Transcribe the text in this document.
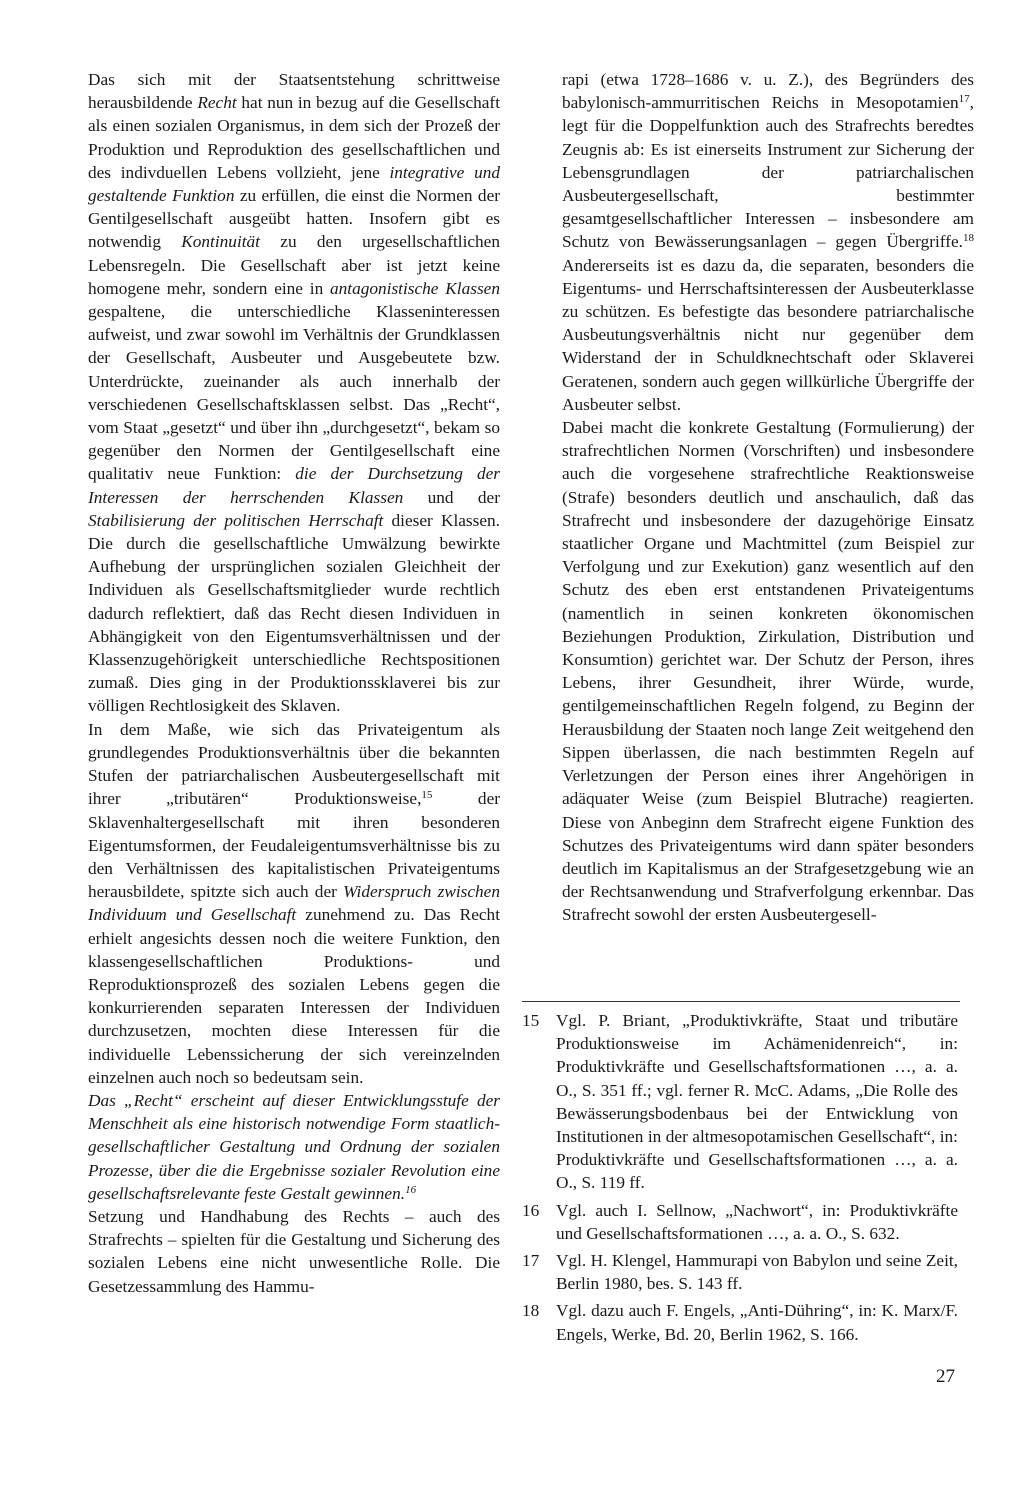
Das sich mit der Staatsentstehung schrittweise herausbildende Recht hat nun in bezug auf die Gesellschaft als einen sozialen Organismus, in dem sich der Prozeß der Produktion und Reproduktion des gesellschaftlichen und des indivduellen Lebens vollzieht, jene integrative und gestaltende Funktion zu erfüllen, die einst die Normen der Gentilgesellschaft ausgeübt hatten. Insofern gibt es notwendig Kontinuität zu den urgesellschaftlichen Lebensregeln. Die Gesellschaft aber ist jetzt keine homogene mehr, sondern eine in antagonistische Klassen gespaltene, die unterschiedliche Klasseninteressen aufweist, und zwar sowohl im Verhältnis der Grundklassen der Gesellschaft, Ausbeuter und Ausgebeutete bzw. Unterdrückte, zueinander als auch innerhalb der verschiedenen Gesellschaftsklassen selbst. Das „Recht“, vom Staat „gesetzt“ und über ihn „durchgesetzt“, bekam so gegenüber den Normen der Gentilgesellschaft eine qualitativ neue Funktion: die der Durchsetzung der Interessen der herrschenden Klassen und der Stabilisierung der politischen Herrschaft dieser Klassen. Die durch die gesellschaftliche Umwälzung bewirkte Aufhebung der ursprünglichen sozialen Gleichheit der Individuen als Gesellschaftsmitglieder wurde rechtlich dadurch reflektiert, daß das Recht diesen Individuen in Abhängigkeit von den Eigentumsverhältnissen und der Klassenzugehörigkeit unterschiedliche Rechtspositionen zumaß. Dies ging in der Produktionssklaverei bis zur völligen Rechtlosigkeit des Sklaven.

In dem Maße, wie sich das Privateigentum als grundlegendes Produktionsverhältnis über die bekannten Stufen der patriarchalischen Ausbeutergesellschaft mit ihrer „tributären“ Produktionsweise,$^{15}$ der Sklavenhaltergesellschaft mit ihren besonderen Eigentumsformen, der Feudaleigentumsverhältnisse bis zu den Verhältnissen des kapitalistischen Privateigentums herausbildete, spitzte sich auch der Widerspruch zwischen Individuum und Gesellschaft zunehmend zu. Das Recht erhielt angesichts dessen noch die weitere Funktion, den klassengesellschaftlichen Produktions- und Reproduktionsprozeß des sozialen Lebens gegen die konkurrierenden separaten Interessen der Individuen durchzusetzen, mochten diese Interessen für die individuelle Lebenssicherung der sich vereinzelnden einzelnen auch noch so bedeutsam sein.

Das „Recht“ erscheint auf dieser Entwicklungsstufe der Menschheit als eine historisch notwendige Form staatlich-gesellschaftlicher Gestaltung und Ordnung der sozialen Prozesse, über die die Ergebnisse sozialer Revolution eine gesellschaftsrelevante feste Gestalt gewinnen.$^{16}$

Setzung und Handhabung des Rechts – auch des Strafrechts – spielten für die Gestaltung und Sicherung des sozialen Lebens eine nicht unwesentliche Rolle. Die Gesetzessammlung des Hammu-

rapi (etwa 1728–1686 v. u. Z.), des Begründers des babylonisch-ammurritischen Reichs in Mesopotamien$^{17}$, legt für die Doppelfunktion auch des Strafrechts beredtes Zeugnis ab: Es ist einerseits Instrument zur Sicherung der Lebensgrundlagen der patriarchalischen Ausbeutergesellschaft, bestimmter gesamtgesellschaftlicher Interessen – insbesondere am Schutz von Bewässerungsanlagen – gegen Übergriffe.$^{18}$ Andererseits ist es dazu da, die separaten, besonders die Eigentums- und Herrschaftsinteressen der Ausbeuterklasse zu schützen. Es befestigte das besondere patriarchalische Ausbeutungsverhältnis nicht nur gegenüber dem Widerstand der in Schuldknechtschaft oder Sklaverei Geratenen, sondern auch gegen willkürliche Übergriffe der Ausbeuter selbst.

Dabei macht die konkrete Gestaltung (Formulierung) der strafrechtlichen Normen (Vorschriften) und insbesondere auch die vorgesehene strafrechtliche Reaktionsweise (Strafe) besonders deutlich und anschaulich, daß das Strafrecht und insbesondere der dazugehörige Einsatz staatlicher Organe und Machtmittel (zum Beispiel zur Verfolgung und zur Exekution) ganz wesentlich auf den Schutz des eben erst entstandenen Privateigentums (namentlich in seinen konkreten ökonomischen Beziehungen Produktion, Zirkulation, Distribution und Konsumtion) gerichtet war. Der Schutz der Person, ihres Lebens, ihrer Gesundheit, ihrer Würde, wurde, gentilgemeinschaftlichen Regeln folgend, zu Beginn der Herausbildung der Staaten noch lange Zeit weitgehend den Sippen überlassen, die nach bestimmten Regeln auf Verletzungen der Person eines ihrer Angehörigen in adäquater Weise (zum Beispiel Blutrache) reagierten. Diese von Anbeginn dem Strafrecht eigene Funktion des Schutzes des Privateigentums wird dann später besonders deutlich im Kapitalismus an der Strafgesetzgebung wie an der Rechtsanwendung und Strafverfolgung erkennbar. Das Strafrecht sowohl der ersten Ausbeutergesell-

15 Vgl. P. Briant, „Produktivkräfte, Staat und tributäre Produktionsweise im Achämenidenreich“, in: Produktivkräfte und Gesellschaftsformationen …, a. a. O., S. 351 ff.; vgl. ferner R. McC. Adams, „Die Rolle des Bewässerungsbodenbaus bei der Entwicklung von Institutionen in der altmesopotamischen Gesellschaft“, in: Produktivkräfte und Gesellschaftsformationen …, a. a. O., S. 119 ff.
16 Vgl. auch I. Sellnow, „Nachwort“, in: Produktivkräfte und Gesellschaftsformationen …, a. a. O., S. 632.
17 Vgl. H. Klengel, Hammurapi von Babylon und seine Zeit, Berlin 1980, bes. S. 143 ff.
18 Vgl. dazu auch F. Engels, „Anti-Dühring“, in: K. Marx/F. Engels, Werke, Bd. 20, Berlin 1962, S. 166.
27
